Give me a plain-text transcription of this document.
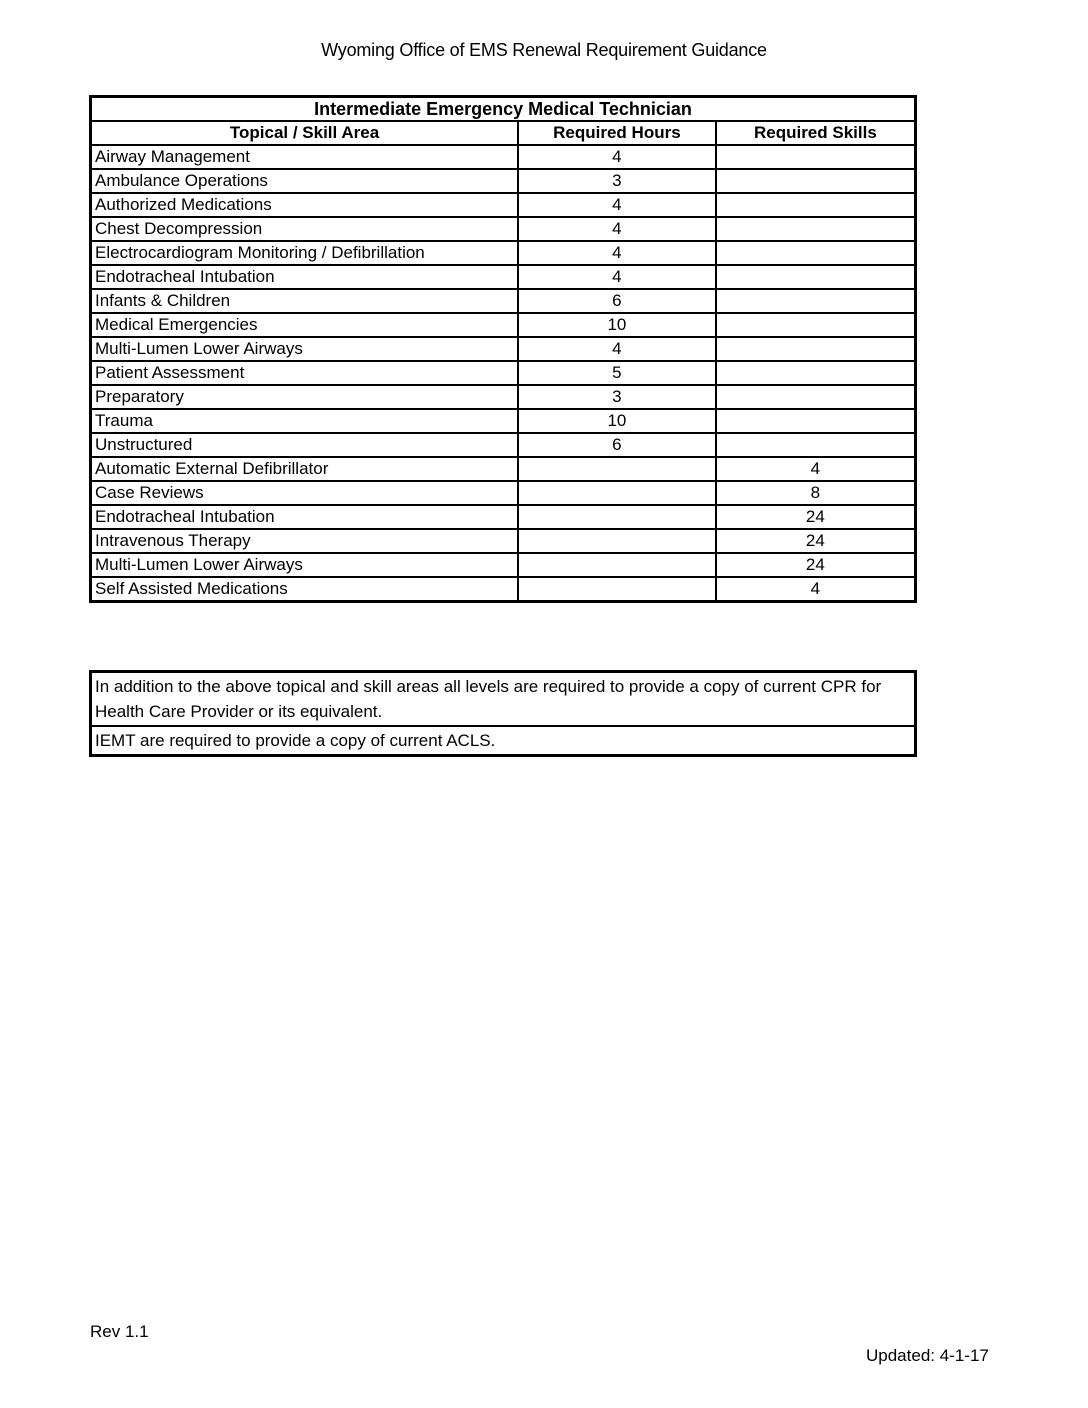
Wyoming Office of EMS Renewal Requirement Guidance
Intermediate Emergency Medical Technician		
Topical / Skill Area	Required Hours	Required Skills
Airway Management	4	
Ambulance Operations	3	
Authorized Medications	4	
Chest Decompression	4	
Electrocardiogram Monitoring / Defibrillation	4	
Endotracheal Intubation	4	
Infants & Children	6	
Medical Emergencies	10	
Multi-Lumen Lower Airways	4	
Patient Assessment	5	
Preparatory	3	
Trauma	10	
Unstructured	6	
Automatic External Defibrillator		4
Case Reviews		8
Endotracheal Intubation		24
Intravenous Therapy		24
Multi-Lumen Lower Airways		24
Self Assisted Medications		4
In addition to the above topical and skill areas all levels are required to provide a copy of current CPR for Health Care Provider or its equivalent.
IEMT are required to provide a copy of current ACLS.
Rev 1.1
Updated: 4-1-17
